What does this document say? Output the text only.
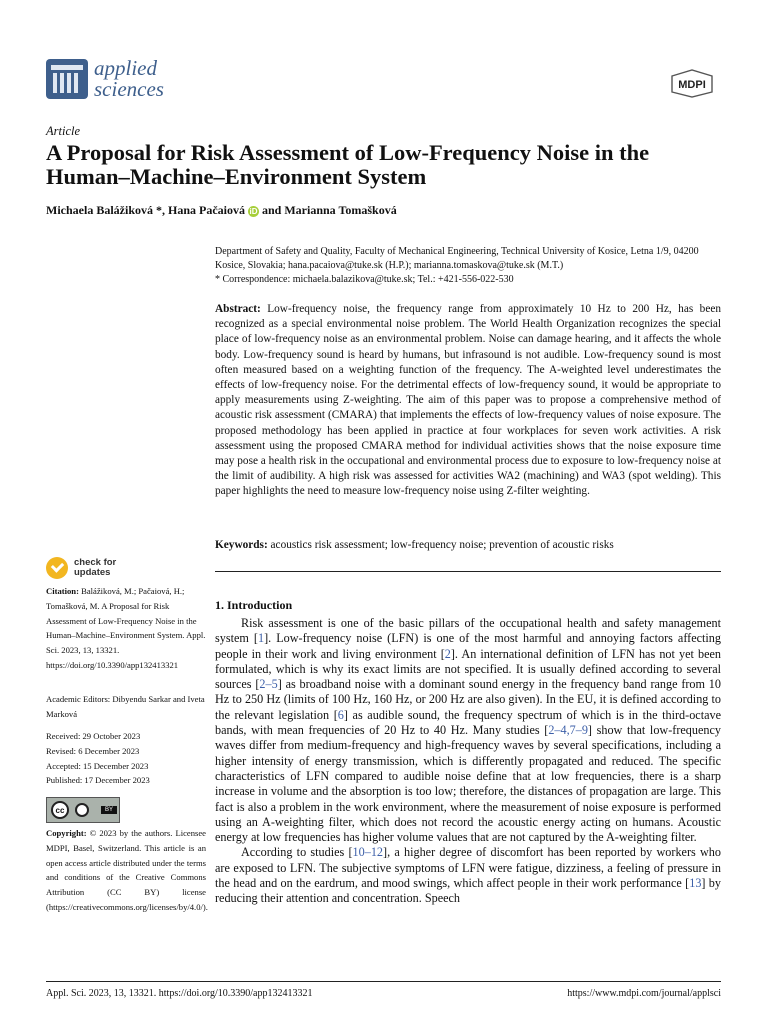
applied
sciences	MDPI
Article
A Proposal for Risk Assessment of Low-Frequency Noise in the Human–Machine–Environment System
Michaela Balážiková *, Hana Pačaiová iD and Marianna Tomašková
Department of Safety and Quality, Faculty of Mechanical Engineering, Technical University of Kosice, Letna 1/9, 04200 Kosice, Slovakia; hana.pacaiova@tuke.sk (H.P.); marianna.tomaskova@tuke.sk (M.T.)
* Correspondence: michaela.balazikova@tuke.sk; Tel.: +421-556-022-530
Abstract: Low-frequency noise, the frequency range from approximately 10 Hz to 200 Hz, has been recognized as a special environmental noise problem. The World Health Organization recognizes the special place of low-frequency noise as an environmental problem. Noise can damage hearing, and it affects the whole body. Low-frequency sound is heard by humans, but infrasound is not audible. Low-frequency sound is most often measured based on a weighting function of the frequency. The A-weighted level underestimates the effects of low-frequency noise. For the detrimental effects of low-frequency sound, it would be appropriate to apply measurements using Z-weighting. The aim of this paper was to propose a comprehensive method of acoustic risk assessment (CMARA) that implements the effects of low-frequency values of noise exposure. The proposed methodology has been applied in practice at four workplaces for seven work activities. A risk assessment using the proposed CMARA method for individual activities shows that the noise exposure time may pose a health risk in the occupational and environmental process due to exposure to low-frequency noise at the limit of audibility. A high risk was assessed for activities WA2 (machining) and WA3 (spot welding). This paper highlights the need to measure low-frequency noise using Z-filter weighting.
Keywords: acoustics risk assessment; low-frequency noise; prevention of acoustic risks
check for
updates
Citation: Balážiková, M.; Pačaiová, H.; Tomašková, M. A Proposal for Risk Assessment of Low-Frequency Noise in the Human–Machine–Environment System. Appl. Sci. 2023, 13, 13321. https://doi.org/10.3390/app132413321
Academic Editors: Dibyendu Sarkar and Iveta Marková
Received: 29 October 2023
Revised: 6 December 2023
Accepted: 15 December 2023
Published: 17 December 2023
cc	BY
Copyright: © 2023 by the authors. Licensee MDPI, Basel, Switzerland. This article is an open access article distributed under the terms and conditions of the Creative Commons Attribution (CC BY) license (https://creativecommons.org/licenses/by/4.0/).
1. Introduction

Risk assessment is one of the basic pillars of the occupational health and safety management system [1]. Low-frequency noise (LFN) is one of the most harmful and annoying factors affecting people in their work and living environment [2]. An international definition of LFN has not yet been formulated, which is why its exact limits are not specified. It is usually defined according to several sources [2–5] as broadband noise with a dominant sound energy in the frequency band range from 10 Hz to 250 Hz (limits of 100 Hz, 160 Hz, or 200 Hz are also given). In the EU, it is defined according to the relevant legislation [6] as audible sound, the frequency spectrum of which is in the third-octave bands, with mean frequencies of 20 Hz to 40 Hz. Many studies [2–4,7–9] show that low-frequency waves differ from medium-frequency and high-frequency waves by several specifications, including a higher intensity of energy transmission, which is differently propagated and reduced. The specific characteristics of LFN compared to audible noise define that at low frequencies, there is a sharp increase in volume and the absorption is too low; therefore, the distances of propagation are large. This fact is also a problem in the work environment, where the measurement of noise exposure is performed using an A-weighting filter, which does not record the acoustic energy acting on humans. Acoustic energy at low frequencies has higher volume values that are not captured by the A-weighting filter.

According to studies [10–12], a higher degree of discomfort has been reported by workers who are exposed to LFN. The subjective symptoms of LFN were fatigue, dizziness, a feeling of pressure in the head and on the eardrum, and mood swings, which affect people in their work performance [13] by reducing their attention and concentration. Speech

Appl. Sci. 2023, 13, 13321. https://doi.org/10.3390/app132413321	https://www.mdpi.com/journal/applsci
